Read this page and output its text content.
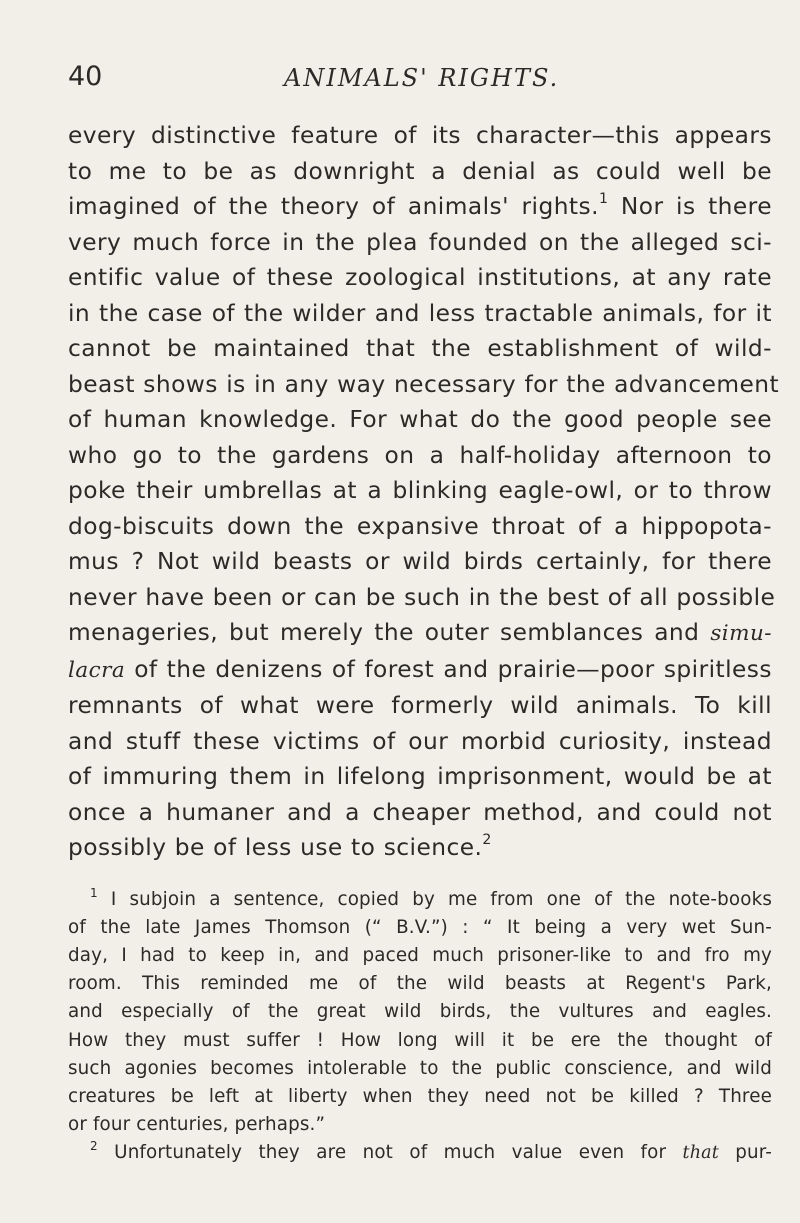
40	ANIMALS' RIGHTS.
every distinctive feature of its character—this appears
to me to be as downright a denial as could well be
imagined of the theory of animals' rights.$^1$ Nor is there
very much force in the plea founded on the alleged sci-
entific value of these zoological institutions, at any rate
in the case of the wilder and less tractable animals, for it
cannot be maintained that the establishment of wild-
beast shows is in any way necessary for the advancement
of human knowledge. For what do the good people see
who go to the gardens on a half-holiday afternoon to
poke their umbrellas at a blinking eagle-owl, or to throw
dog-biscuits down the expansive throat of a hippopota-
mus ? Not wild beasts or wild birds certainly, for there
never have been or can be such in the best of all possible
menageries, but merely the outer semblances and simu-
lacra of the denizens of forest and prairie—poor spiritless
remnants of what were formerly wild animals. To kill
and stuff these victims of our morbid curiosity, instead
of immuring them in lifelong imprisonment, would be at
once a humaner and a cheaper method, and could not
possibly be of less use to science.$^2$
$^1$ I subjoin a sentence, copied by me from one of the note-books
of the late James Thomson (“ B.V.”) : “ It being a very wet Sun-
day, I had to keep in, and paced much prisoner-like to and fro my
room. This reminded me of the wild beasts at Regent's Park,
and especially of the great wild birds, the vultures and eagles.
How they must suffer ! How long will it be ere the thought of
such agonies becomes intolerable to the public conscience, and wild
creatures be left at liberty when they need not be killed ? Three
or four centuries, perhaps.”
$^2$ Unfortunately they are not of much value even for that pur-
